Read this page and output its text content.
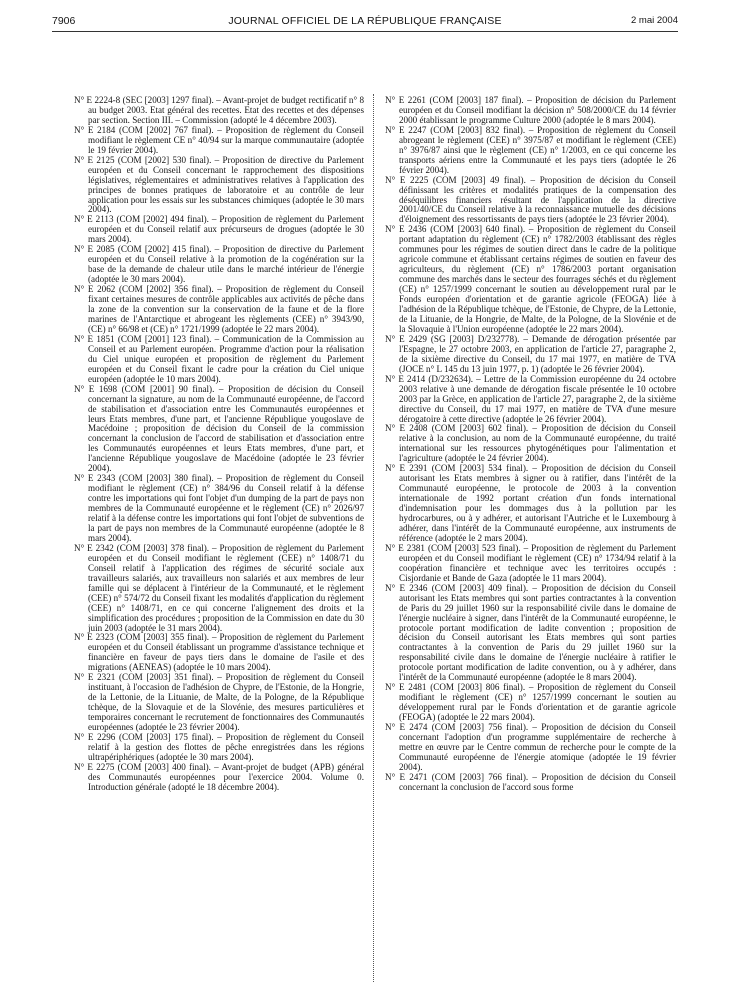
7906	JOURNAL OFFICIEL DE LA RÉPUBLIQUE FRANÇAISE	2 mai 2004

N° E 2224-8 (SEC [2003] 1297 final). – Avant-projet de budget rectificatif n° 8 au budget 2003. Etat général des recettes. Etat des recettes et des dépenses par section. Section III. – Commission (adopté le 4 décembre 2003).

N° E 2184 (COM [2002] 767 final). – Proposition de règlement du Conseil modifiant le règlement CE n° 40/94 sur la marque communautaire (adoptée le 19 février 2004).

N° E 2125 (COM [2002] 530 final). – Proposition de directive du Parlement européen et du Conseil concernant le rapprochement des dispositions législatives, réglementaires et administratives relatives à l'application des principes de bonnes pratiques de laboratoire et au contrôle de leur application pour les essais sur les substances chimiques (adoptée le 30 mars 2004).

N° E 2113 (COM [2002] 494 final). – Proposition de règlement du Parlement européen et du Conseil relatif aux précurseurs de drogues (adoptée le 30 mars 2004).

N° E 2085 (COM [2002] 415 final). – Proposition de directive du Parlement européen et du Conseil relative à la promotion de la cogénération sur la base de la demande de chaleur utile dans le marché intérieur de l'énergie (adoptée le 30 mars 2004).

N° E 2062 (COM [2002] 356 final). – Proposition de règlement du Conseil fixant certaines mesures de contrôle applicables aux activités de pêche dans la zone de la convention sur la conservation de la faune et de la flore marines de l'Antarctique et abrogeant les règlements (CEE) n° 3943/90, (CE) n° 66/98 et (CE) n° 1721/1999 (adoptée le 22 mars 2004).

N° E 1851 (COM [2001] 123 final). – Communication de la Commission au Conseil et au Parlement européen. Programme d'action pour la réalisation du Ciel unique européen et proposition de règlement du Parlement européen et du Conseil fixant le cadre pour la création du Ciel unique européen (adoptée le 10 mars 2004).

N° E 1698 (COM [2001] 90 final). – Proposition de décision du Conseil concernant la signature, au nom de la Communauté européenne, de l'accord de stabilisation et d'association entre les Communautés européennes et leurs Etats membres, d'une part, et l'ancienne République yougoslave de Macédoine ; proposition de décision du Conseil de la commission concernant la conclusion de l'accord de stabilisation et d'association entre les Communautés européennes et leurs Etats membres, d'une part, et l'ancienne République yougoslave de Macédoine (adoptée le 23 février 2004).

N° E 2343 (COM [2003] 380 final). – Proposition de règlement du Conseil modifiant le règlement (CE) n° 384/96 du Conseil relatif à la défense contre les importations qui font l'objet d'un dumping de la part de pays non membres de la Communauté européenne et le règlement (CE) n° 2026/97 relatif à la défense contre les importations qui font l'objet de subventions de la part de pays non membres de la Communauté européenne (adoptée le 8 mars 2004).

N° E 2342 (COM [2003] 378 final). – Proposition de règlement du Parlement européen et du Conseil modifiant le règlement (CEE) n° 1408/71 du Conseil relatif à l'application des régimes de sécurité sociale aux travailleurs salariés, aux travailleurs non salariés et aux membres de leur famille qui se déplacent à l'intérieur de la Communauté, et le règlement (CEE) n° 574/72 du Conseil fixant les modalités d'application du règlement (CEE) n° 1408/71, en ce qui concerne l'alignement des droits et la simplification des procédures ; proposition de la Commission en date du 30 juin 2003 (adoptée le 31 mars 2004).

N° E 2323 (COM [2003] 355 final). – Proposition de règlement du Parlement européen et du Conseil établissant un programme d'assistance technique et financière en faveur de pays tiers dans le domaine de l'asile et des migrations (AENEAS) (adoptée le 10 mars 2004).

N° E 2321 (COM [2003] 351 final). – Proposition de règlement du Conseil instituant, à l'occasion de l'adhésion de Chypre, de l'Estonie, de la Hongrie, de la Lettonie, de la Lituanie, de Malte, de la Pologne, de la République tchèque, de la Slovaquie et de la Slovénie, des mesures particulières et temporaires concernant le recrutement de fonctionnaires des Communautés européennes (adoptée le 23 février 2004).

N° E 2296 (COM [2003] 175 final). – Proposition de règlement du Conseil relatif à la gestion des flottes de pêche enregistrées dans les régions ultrapériphériques (adoptée le 30 mars 2004).

N° E 2275 (COM [2003] 400 final). – Avant-projet de budget (APB) général des Communautés européennes pour l'exercice 2004. Volume 0. Introduction générale (adopté le 18 décembre 2004).

N° E 2261 (COM [2003] 187 final). – Proposition de décision du Parlement européen et du Conseil modifiant la décision n° 508/2000/CE du 14 février 2000 établissant le programme Culture 2000 (adoptée le 8 mars 2004).

N° E 2247 (COM [2003] 832 final). – Proposition de règlement du Conseil abrogeant le règlement (CEE) n° 3975/87 et modifiant le règlement (CEE) n° 3976/87 ainsi que le règlement (CE) n° 1/2003, en ce qui concerne les transports aériens entre la Communauté et les pays tiers (adoptée le 26 février 2004).

N° E 2225 (COM [2003] 49 final). – Proposition de décision du Conseil définissant les critères et modalités pratiques de la compensation des déséquilibres financiers résultant de l'application de la directive 2001/40/CE du Conseil relative à la reconnaissance mutuelle des décisions d'éloignement des ressortissants de pays tiers (adoptée le 23 février 2004).

N° E 2436 (COM [2003] 640 final). – Proposition de règlement du Conseil portant adaptation du règlement (CE) n° 1782/2003 établissant des règles communes pour les régimes de soutien direct dans le cadre de la politique agricole commune et établissant certains régimes de soutien en faveur des agriculteurs, du règlement (CE) n° 1786/2003 portant organisation commune des marchés dans le secteur des fourrages séchés et du règlement (CE) n° 1257/1999 concernant le soutien au développement rural par le Fonds européen d'orientation et de garantie agricole (FEOGA) liée à l'adhésion de la République tchèque, de l'Estonie, de Chypre, de la Lettonie, de la Lituanie, de la Hongrie, de Malte, de la Pologne, de la Slovénie et de la Slovaquie à l'Union européenne (adoptée le 22 mars 2004).

N° E 2429 (SG [2003] D/232778). – Demande de dérogation présentée par l'Espagne, le 27 octobre 2003, en application de l'article 27, paragraphe 2, de la sixième directive du Conseil, du 17 mai 1977, en matière de TVA (JOCE n° L 145 du 13 juin 1977, p. 1) (adoptée le 26 février 2004).

N° E 2414 (D/232634). – Lettre de la Commission européenne du 24 octobre 2003 relative à une demande de dérogation fiscale présentée le 10 octobre 2003 par la Grèce, en application de l'article 27, paragraphe 2, de la sixième directive du Conseil, du 17 mai 1977, en matière de TVA d'une mesure dérogatoire à cette directive (adoptée le 26 février 2004).

N° E 2408 (COM [2003] 602 final). – Proposition de décision du Conseil relative à la conclusion, au nom de la Communauté européenne, du traité international sur les ressources phytogénétiques pour l'alimentation et l'agriculture (adoptée le 24 février 2004).

N° E 2391 (COM [2003] 534 final). – Proposition de décision du Conseil autorisant les Etats membres à signer ou à ratifier, dans l'intérêt de la Communauté européenne, le protocole de 2003 à la convention internationale de 1992 portant création d'un fonds international d'indemnisation pour les dommages dus à la pollution par les hydrocarbures, ou à y adhérer, et autorisant l'Autriche et le Luxembourg à adhérer, dans l'intérêt de la Communauté européenne, aux instruments de référence (adoptée le 2 mars 2004).

N° E 2381 (COM [2003] 523 final). – Proposition de règlement du Parlement européen et du Conseil modifiant le règlement (CE) n° 1734/94 relatif à la coopération financière et technique avec les territoires occupés : Cisjordanie et Bande de Gaza (adoptée le 11 mars 2004).

N° E 2346 (COM [2003] 409 final). – Proposition de décision du Conseil autorisant les Etats membres qui sont parties contractantes à la convention de Paris du 29 juillet 1960 sur la responsabilité civile dans le domaine de l'énergie nucléaire à signer, dans l'intérêt de la Communauté européenne, le protocole portant modification de ladite convention ; proposition de décision du Conseil autorisant les Etats membres qui sont parties contractantes à la convention de Paris du 29 juillet 1960 sur la responsabilité civile dans le domaine de l'énergie nucléaire à ratifier le protocole portant modification de ladite convention, ou à y adhérer, dans l'intérêt de la Communauté européenne (adoptée le 8 mars 2004).

N° E 2481 (COM [2003] 806 final). – Proposition de règlement du Conseil modifiant le règlement (CE) n° 1257/1999 concernant le soutien au développement rural par le Fonds d'orientation et de garantie agricole (FEOGA) (adoptée le 22 mars 2004).

N° E 2474 (COM [2003] 756 final). – Proposition de décision du Conseil concernant l'adoption d'un programme supplémentaire de recherche à mettre en œuvre par le Centre commun de recherche pour le compte de la Communauté européenne de l'énergie atomique (adoptée le 19 février 2004).

N° E 2471 (COM [2003] 766 final). – Proposition de décision du Conseil concernant la conclusion de l'accord sous forme
